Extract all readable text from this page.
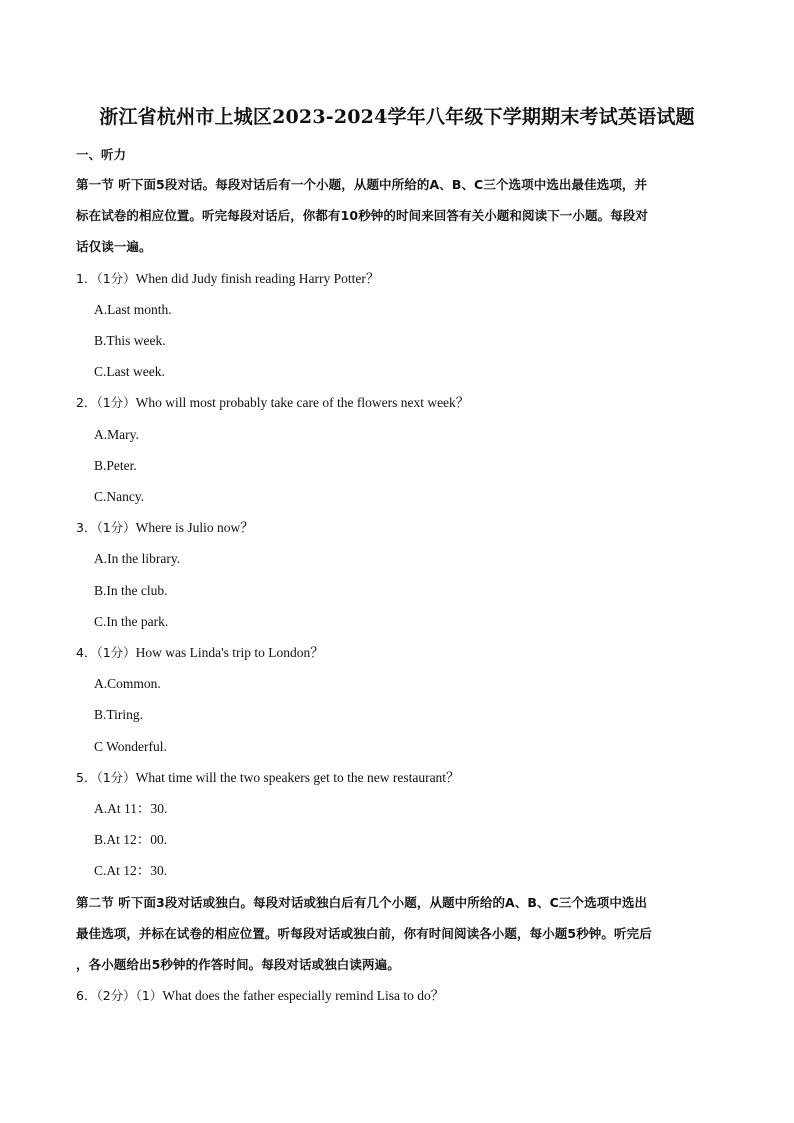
浙江省杭州市上城区2023-2024学年八年级下学期期末考试英语试题
一、听力
第一节 听下面5段对话。每段对话后有一个小题，从题中所给的A、B、C三个选项中选出最佳选项，并
标在试卷的相应位置。听完每段对话后，你都有10秒钟的时间来回答有关小题和阅读下一小题。每段对
话仅读一遍。
1．（1分）When did Judy finish reading Harry Potter？
A.Last month.
B.This week.
C.Last week.
2．（1分）Who will most probably take care of the flowers next week？
A.Mary.
B.Peter.
C.Nancy.
3．（1分）Where is Julio now？
A.In the library.
B.In the club.
C.In the park.
4．（1分）How was Linda's trip to London？
A.Common.
B.Tiring.
C Wonderful.
5．（1分）What time will the two speakers get to the new restaurant？
A.At 11：30.
B.At 12：00.
C.At 12：30.
第二节 听下面3段对话或独白。每段对话或独白后有几个小题，从题中所给的A、B、C三个选项中选出
最佳选项，并标在试卷的相应位置。听每段对话或独白前，你有时间阅读各小题，每小题5秒钟。听完后
，各小题给出5秒钟的作答时间。每段对话或独白读两遍。
6．（2分）（1）What does the father especially remind Lisa to do？
